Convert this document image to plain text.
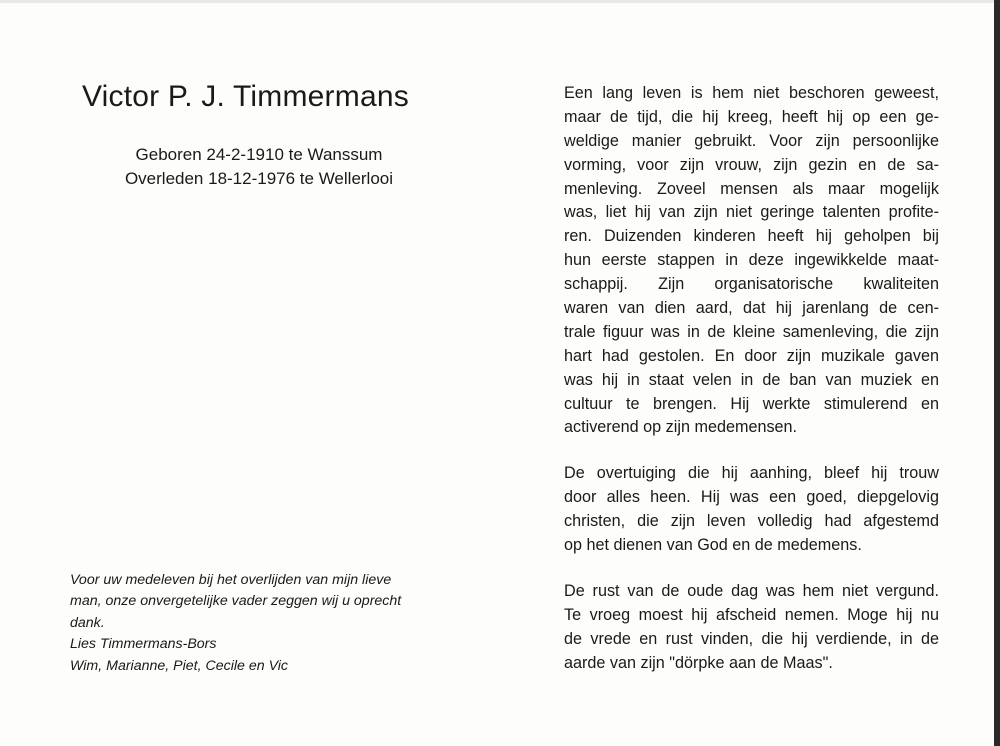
Victor P. J. Timmermans
Geboren 24-2-1910 te Wanssum
Overleden 18-12-1976 te Wellerlooi
Voor uw medeleven bij het overlijden van mijn lieve
man, onze onvergetelijke vader zeggen wij u oprecht
dank.
Lies Timmermans-Bors
Wim, Marianne, Piet, Cecile en Vic
Een lang leven is hem niet beschoren geweest,
maar de tijd, die hij kreeg, heeft hij op een ge-
weldige manier gebruikt. Voor zijn persoonlijke
vorming, voor zijn vrouw, zijn gezin en de sa-
menleving. Zoveel mensen als maar mogelijk
was, liet hij van zijn niet geringe talenten profite-
ren. Duizenden kinderen heeft hij geholpen bij
hun eerste stappen in deze ingewikkelde maat-
schappij. Zijn organisatorische kwaliteiten
waren van dien aard, dat hij jarenlang de cen-
trale figuur was in de kleine samenleving, die zijn
hart had gestolen. En door zijn muzikale gaven
was hij in staat velen in de ban van muziek en
cultuur te brengen. Hij werkte stimulerend en
activerend op zijn medemensen.
De overtuiging die hij aanhing, bleef hij trouw
door alles heen. Hij was een goed, diepgelovig
christen, die zijn leven volledig had afgestemd
op het dienen van God en de medemens.
De rust van de oude dag was hem niet vergund.
Te vroeg moest hij afscheid nemen. Moge hij nu
de vrede en rust vinden, die hij verdiende, in de
aarde van zijn "dörpke aan de Maas".
